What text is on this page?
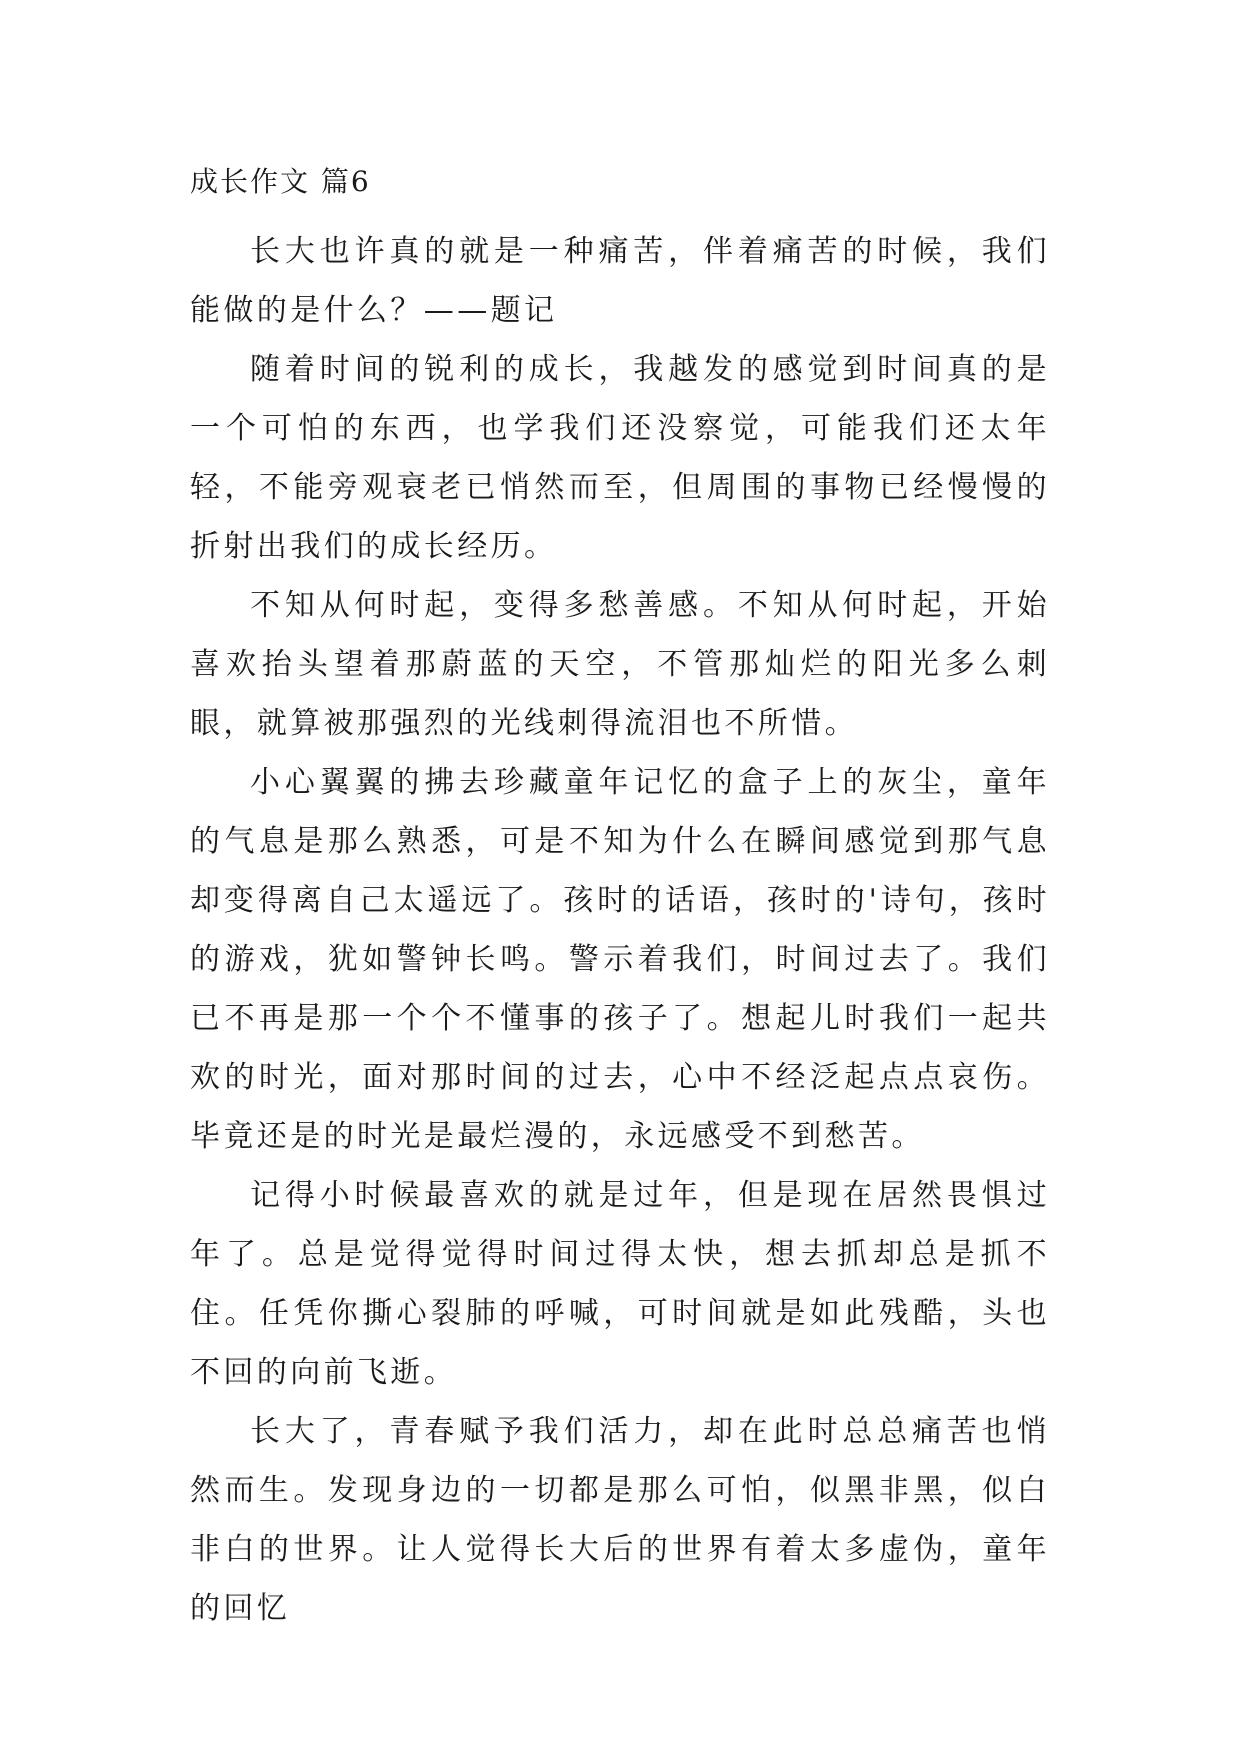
成长作文 篇6

长大也许真的就是一种痛苦，伴着痛苦的时候，我们能做的是什么？——题记

随着时间的锐利的成长，我越发的感觉到时间真的是一个可怕的东西，也学我们还没察觉，可能我们还太年轻，不能旁观衰老已悄然而至，但周围的事物已经慢慢的折射出我们的成长经历。

不知从何时起，变得多愁善感。不知从何时起，开始喜欢抬头望着那蔚蓝的天空，不管那灿烂的阳光多么刺眼，就算被那强烈的光线刺得流泪也不所惜。

小心翼翼的拂去珍藏童年记忆的盒子上的灰尘，童年的气息是那么熟悉，可是不知为什么在瞬间感觉到那气息却变得离自己太遥远了。孩时的话语，孩时的'诗句，孩时的游戏，犹如警钟长鸣。警示着我们，时间过去了。我们已不再是那一个个不懂事的孩子了。想起儿时我们一起共欢的时光，面对那时间的过去，心中不经泛起点点哀伤。毕竟还是的时光是最烂漫的，永远感受不到愁苦。

记得小时候最喜欢的就是过年，但是现在居然畏惧过年了。总是觉得觉得时间过得太快，想去抓却总是抓不住。任凭你撕心裂肺的呼喊，可时间就是如此残酷，头也不回的向前飞逝。

长大了，青春赋予我们活力，却在此时总总痛苦也悄然而生。发现身边的一切都是那么可怕，似黑非黑，似白非白的世界。让人觉得长大后的世界有着太多虚伪，童年的回忆
